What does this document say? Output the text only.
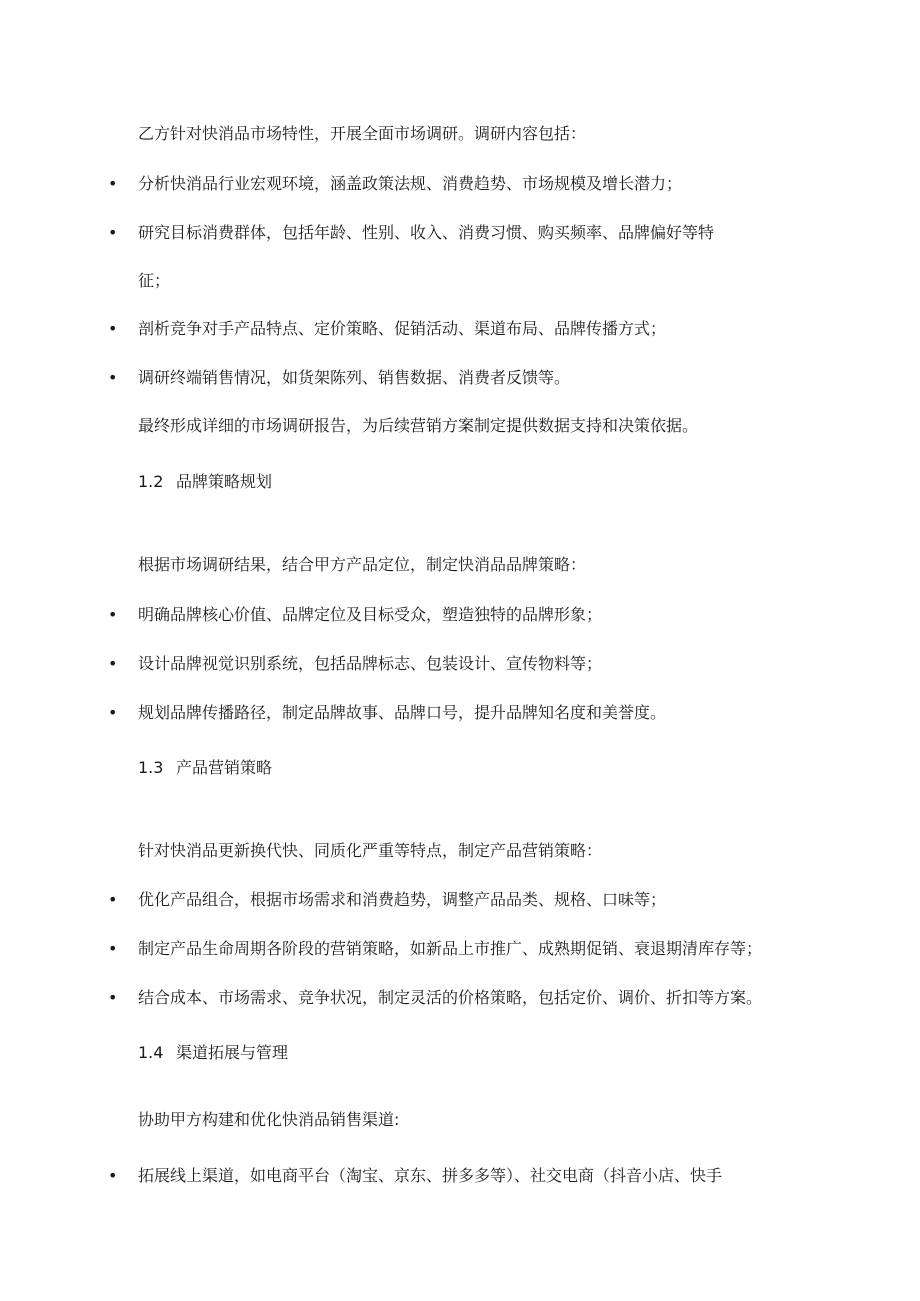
乙方针对快消品市场特性，开展全面市场调研。调研内容包括：
• 分析快消品行业宏观环境，涵盖政策法规、消费趋势、市场规模及增长潜力；
• 研究目标消费群体，包括年龄、性别、收入、消费习惯、购买频率、品牌偏好等特
征；
• 剖析竞争对手产品特点、定价策略、促销活动、渠道布局、品牌传播方式；
• 调研终端销售情况，如货架陈列、销售数据、消费者反馈等。
最终形成详细的市场调研报告，为后续营销方案制定提供数据支持和决策依据。
1.2 品牌策略规划
根据市场调研结果，结合甲方产品定位，制定快消品品牌策略：
• 明确品牌核心价值、品牌定位及目标受众，塑造独特的品牌形象；
• 设计品牌视觉识别系统，包括品牌标志、包装设计、宣传物料等；
• 规划品牌传播路径，制定品牌故事、品牌口号，提升品牌知名度和美誉度。
1.3 产品营销策略
针对快消品更新换代快、同质化严重等特点，制定产品营销策略：
• 优化产品组合，根据市场需求和消费趋势，调整产品品类、规格、口味等；
• 制定产品生命周期各阶段的营销策略，如新品上市推广、成熟期促销、衰退期清库存等；
• 结合成本、市场需求、竞争状况，制定灵活的价格策略，包括定价、调价、折扣等方案。
1.4 渠道拓展与管理
协助甲方构建和优化快消品销售渠道:
• 拓展线上渠道，如电商平台（淘宝、京东、拼多多等）、社交电商（抖音小店、快手
